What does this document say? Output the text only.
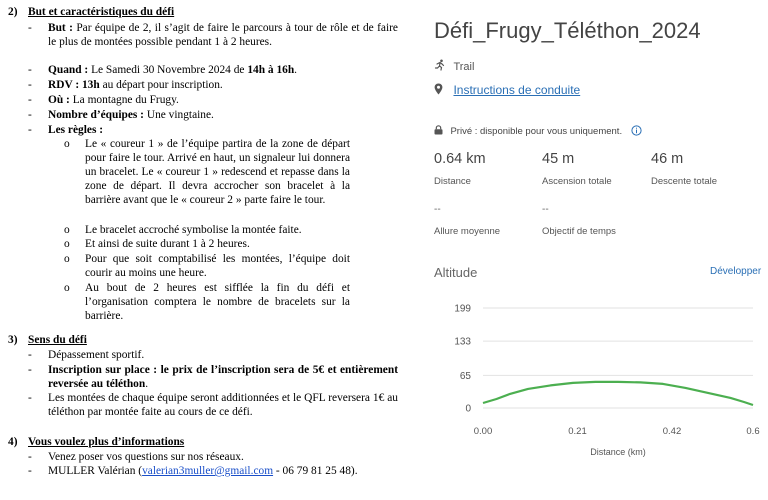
2) But et caractéristiques du défi
- But : Par équipe de 2, il s’agit de faire le parcours à tour de rôle et de faire le plus de montées possible pendant 1 à 2 heures.
- Quand : Le Samedi 30 Novembre 2024 de 14h à 16h.
- RDV : 13h au départ pour inscription.
- Où : La montagne du Frugy.
- Nombre d’équipes : Une vingtaine.
- Les règles :
o Le « coureur 1 » de l’équipe partira de la zone de départ pour faire le tour. Arrivé en haut, un signaleur lui donnera un bracelet. Le « coureur 1 » redescend et repasse dans la zone de départ. Il devra accrocher son bracelet à la barrière avant que le « coureur 2 » parte faire le tour.
o Le bracelet accroché symbolise la montée faite.
o Et ainsi de suite durant 1 à 2 heures.
o Pour que soit comptabilisé les montées, l’équipe doit courir au moins une heure.
o Au bout de 2 heures est sifflée la fin du défi et l’organisation comptera le nombre de bracelets sur la barrière.
3) Sens du défi
- Dépassement sportif.
- Inscription sur place : le prix de l’inscription sera de 5€ et entièrement reversée au téléthon.
- Les montées de chaque équipe seront additionnées et le QFL reversera 1€ au téléthon par montée faite au cours de ce défi.
4) Vous voulez plus d’informations
- Venez poser vos questions sur nos réseaux.
- MULLER Valérian (valerian3muller@gmail.com - 06 79 81 25 48).
Défi_Frugy_Téléthon_2024
Trail
Instructions de conduite
Privé : disponible pour vous uniquement.
0.64 km
Distance
45 m
Ascension totale
46 m
Descente totale
--
Allure moyenne
--
Objectif de temps
Altitude	Développer
199
133
65
0
0.00	0.21	0.42	0.6
Distance (km)
